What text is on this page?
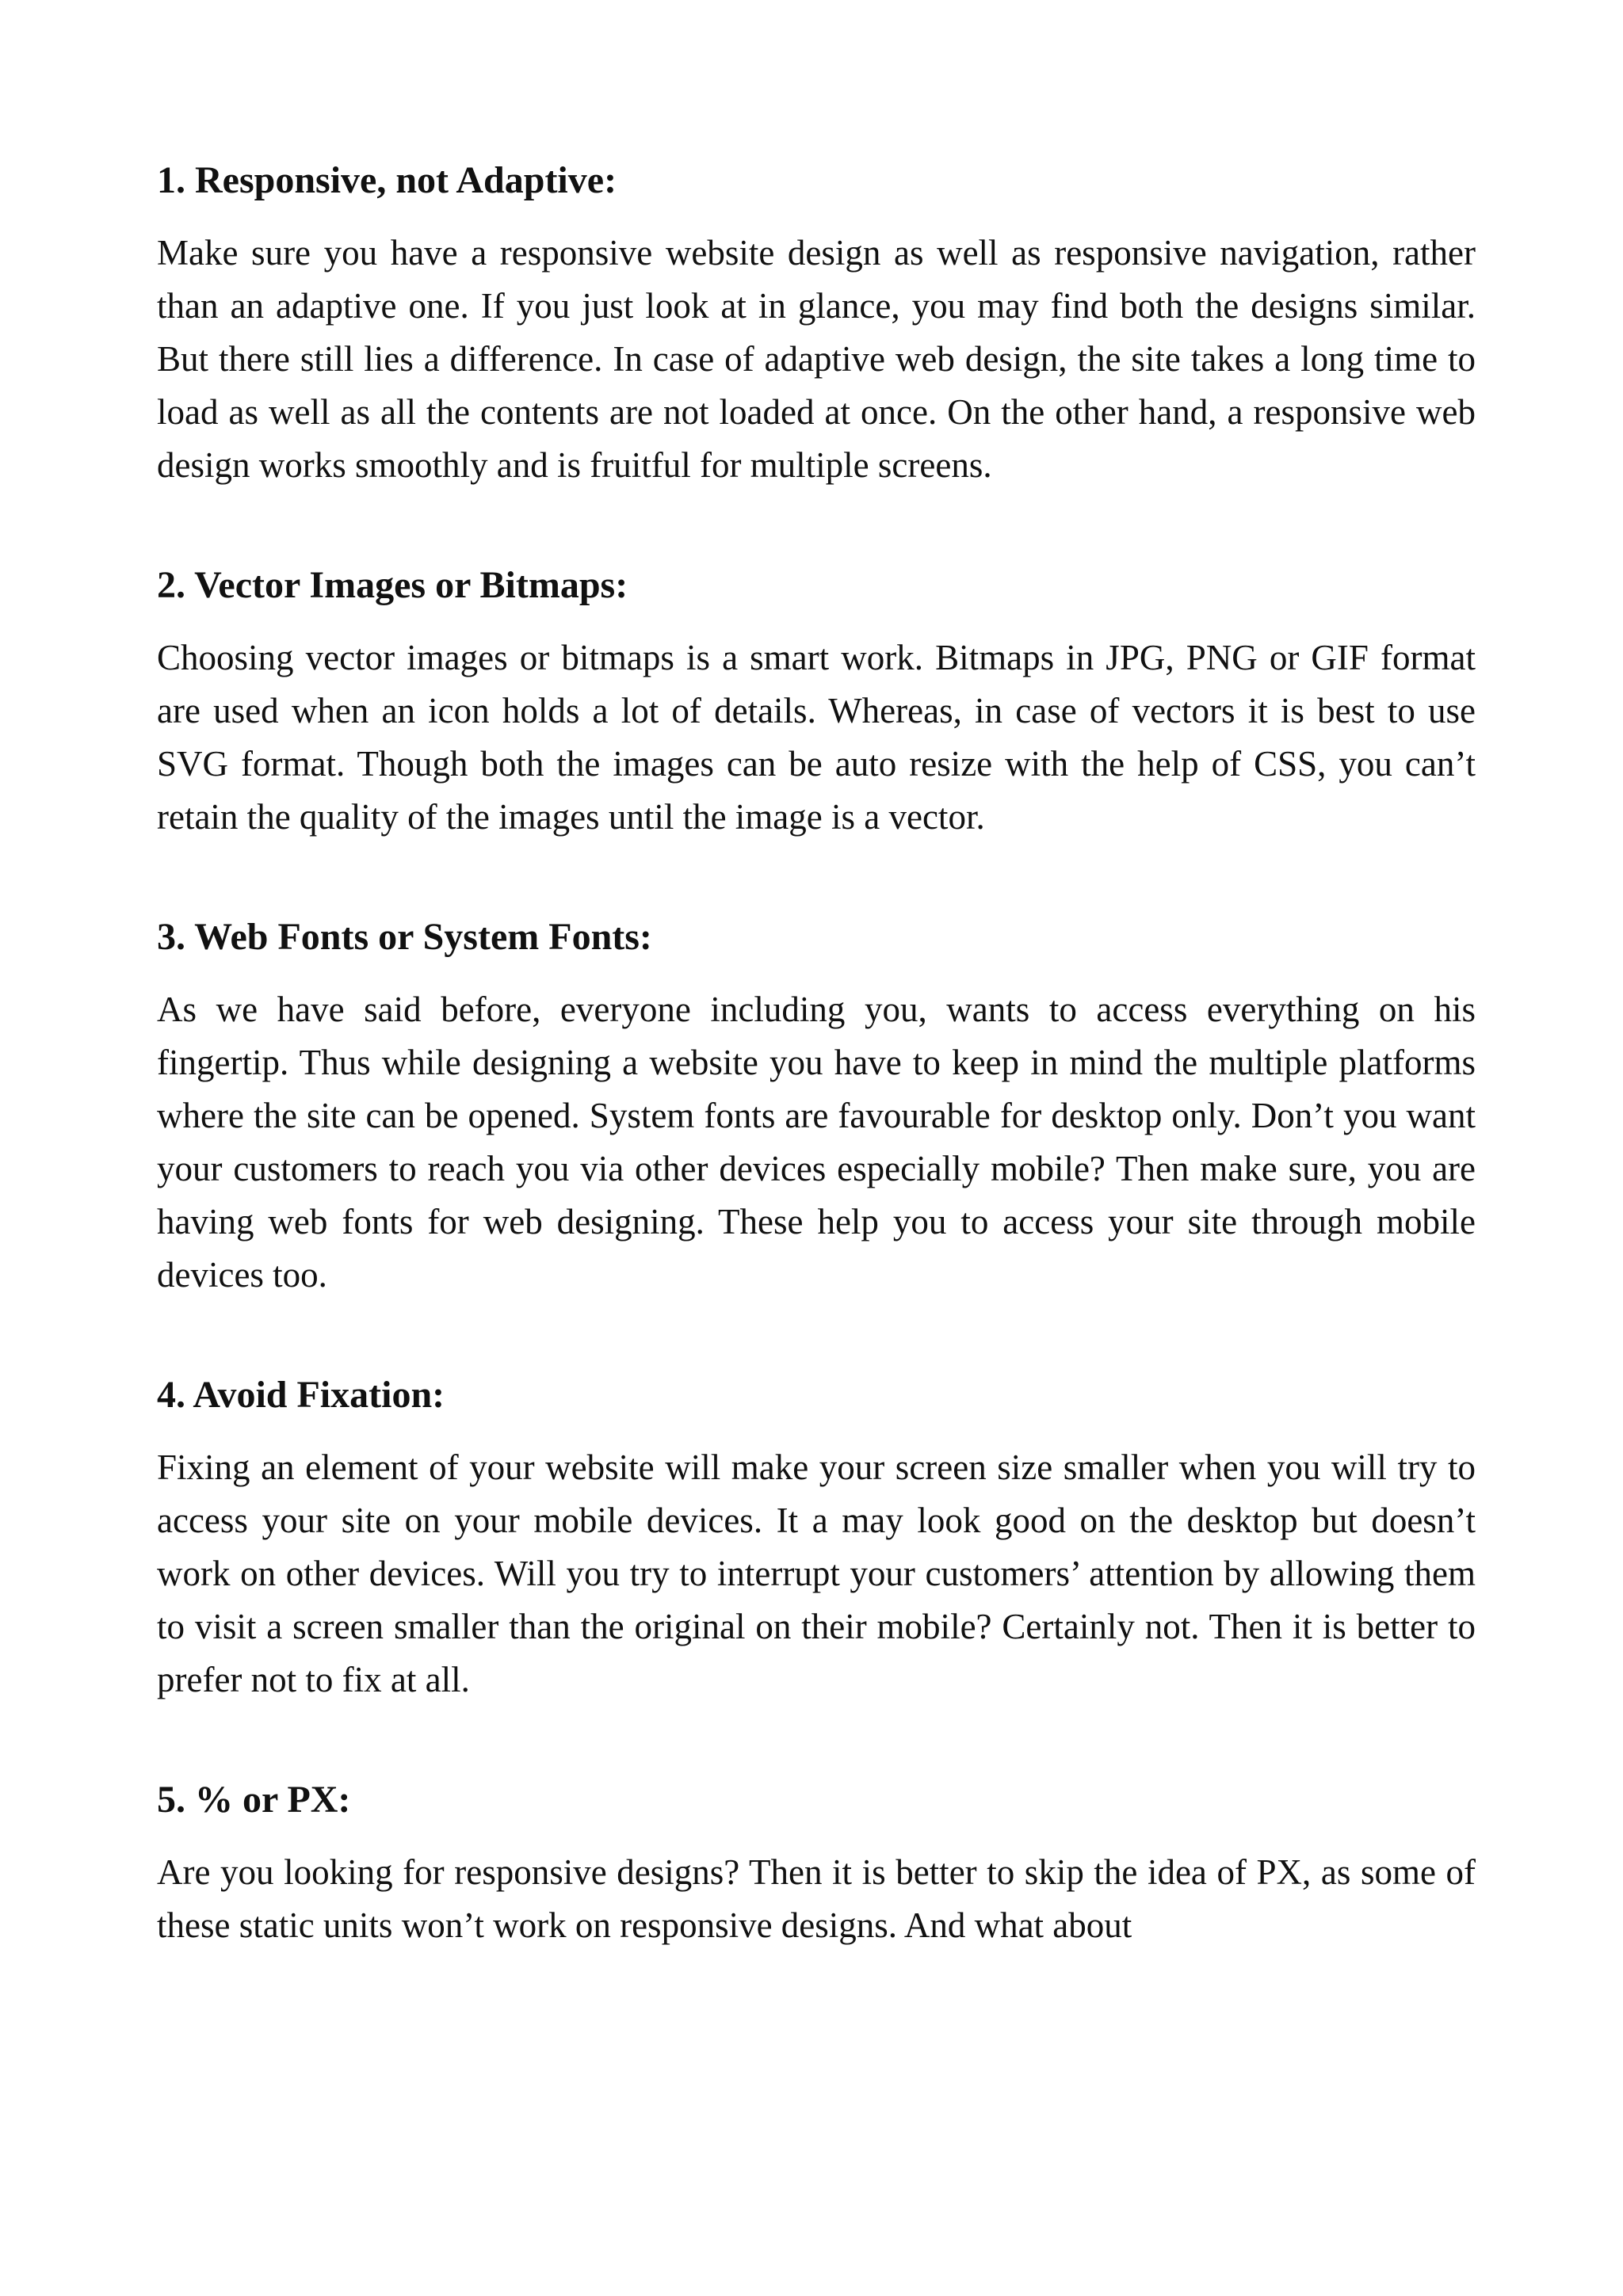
1. Responsive, not Adaptive:

Make sure you have a responsive website design as well as responsive navigation, rather than an adaptive one. If you just look at in glance, you may find both the designs similar. But there still lies a difference. In case of adaptive web design, the site takes a long time to load as well as all the contents are not loaded at once. On the other hand, a responsive web design works smoothly and is fruitful for multiple screens.

2. Vector Images or Bitmaps:

Choosing vector images or bitmaps is a smart work. Bitmaps in JPG, PNG or GIF format are used when an icon holds a lot of details. Whereas, in case of vectors it is best to use SVG format. Though both the images can be auto resize with the help of CSS, you can’t retain the quality of the images until the image is a vector.

3. Web Fonts or System Fonts:

As we have said before, everyone including you, wants to access everything on his fingertip. Thus while designing a website you have to keep in mind the multiple platforms where the site can be opened. System fonts are favourable for desktop only. Don’t you want your customers to reach you via other devices especially mobile? Then make sure, you are having web fonts for web designing. These help you to access your site through mobile devices too.

4. Avoid Fixation:

Fixing an element of your website will make your screen size smaller when you will try to access your site on your mobile devices. It a may look good on the desktop but doesn’t work on other devices. Will you try to interrupt your customers’ attention by allowing them to visit a screen smaller than the original on their mobile? Certainly not. Then it is better to prefer not to fix at all.

5. % or PX:

Are you looking for responsive designs? Then it is better to skip the idea of PX, as some of these static units won’t work on responsive designs. And what about
